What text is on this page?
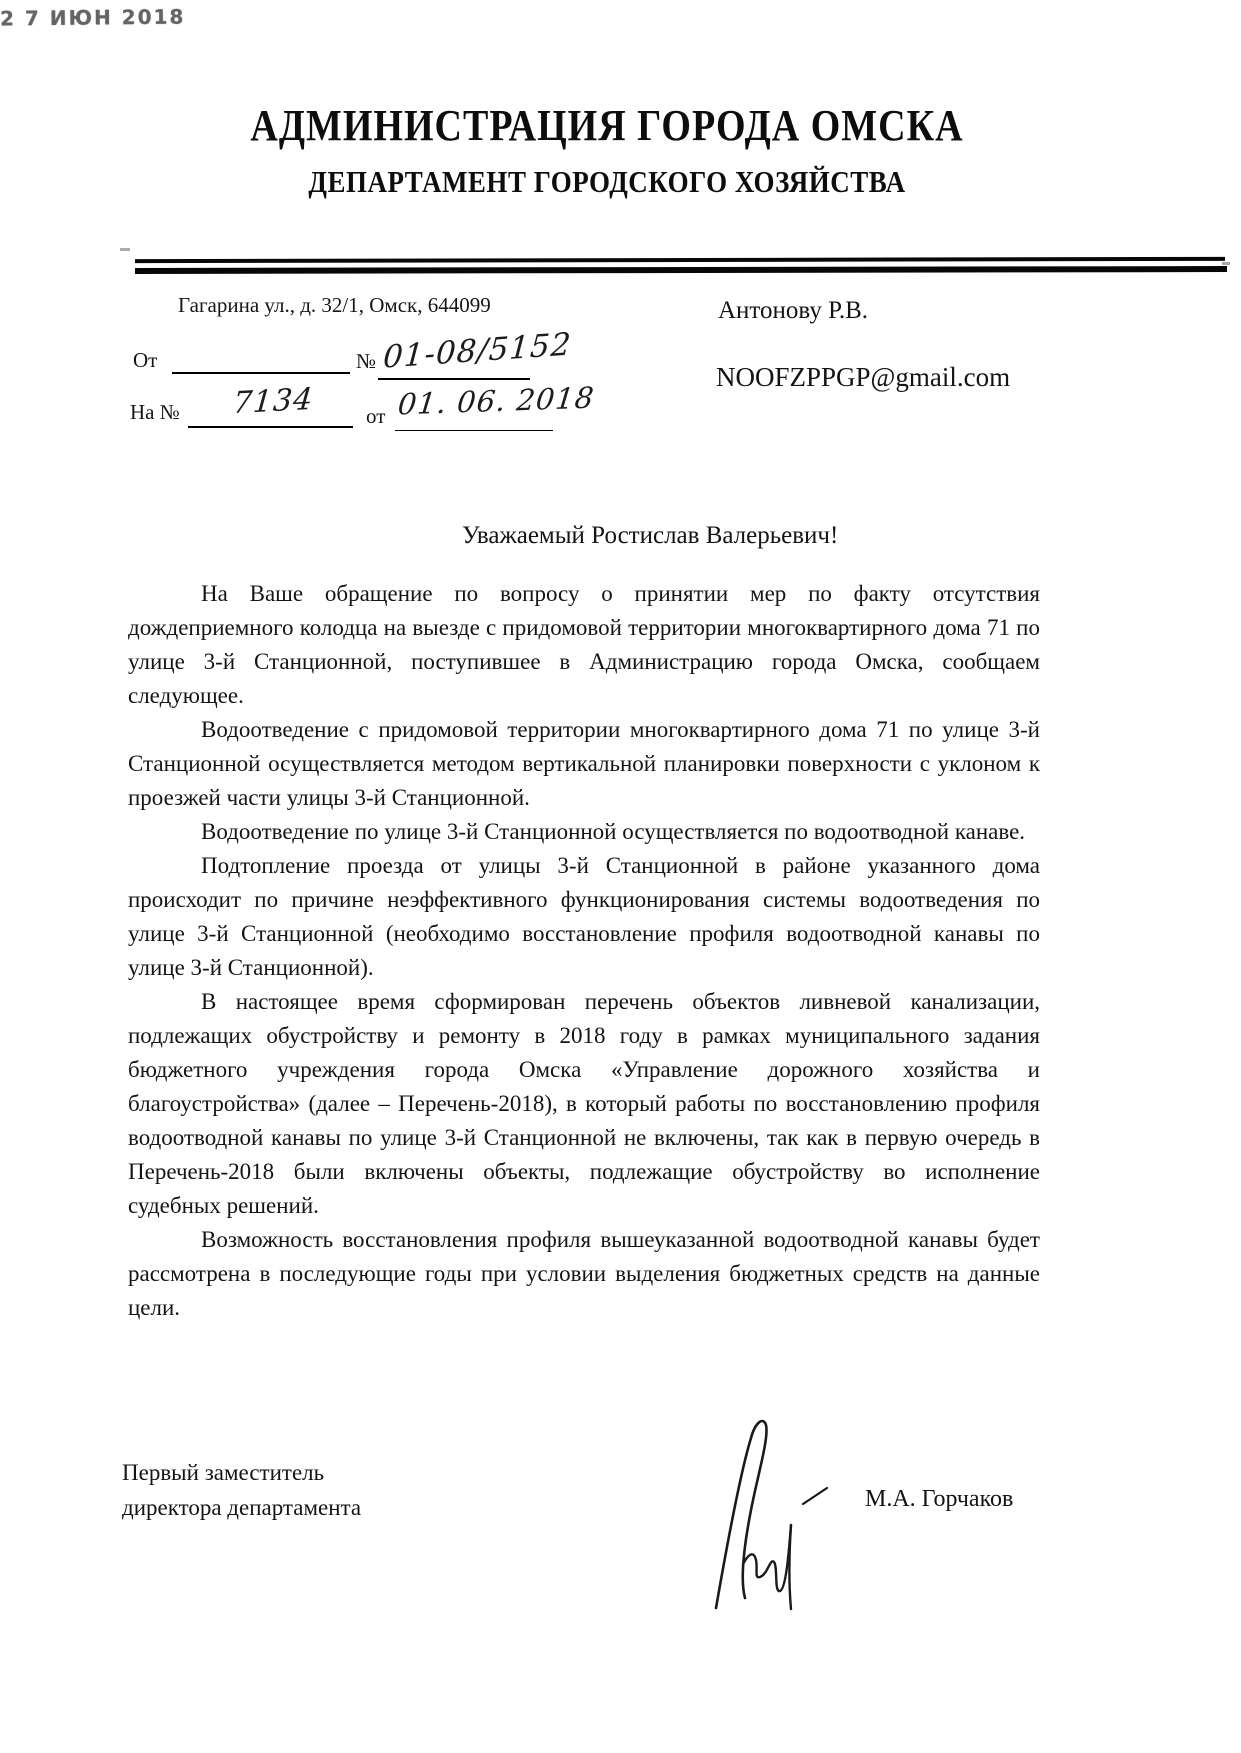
АДМИНИСТРАЦИЯ ГОРОДА ОМСКА
ДЕПАРТАМЕНТ ГОРОДСКОГО ХОЗЯЙСТВА
Гагарина ул., д. 32/1, Омск, 644099
2 7 ИЮН 2018
От	№ 01-08/5152
На № 7134 от 01. 06. 2018
Антонову Р.В.
NOOFZPPGP@gmail.com
Уважаемый Ростислав Валерьевич!

На Ваше обращение по вопросу о принятии мер по факту отсутствия дождеприемного колодца на выезде с придомовой территории многоквартирного дома 71 по улице 3-й Станционной, поступившее в Администрацию города Омска, сообщаем следующее.

Водоотведение с придомовой территории многоквартирного дома 71 по улице 3-й Станционной осуществляется методом вертикальной планировки поверхности с уклоном к проезжей части улицы 3-й Станционной.

Водоотведение по улице 3-й Станционной осуществляется по водоотводной канаве.

Подтопление проезда от улицы 3-й Станционной в районе указанного дома происходит по причине неэффективного функционирования системы водоотведения по улице 3-й Станционной (необходимо восстановление профиля водоотводной канавы по улице 3-й Станционной).

В настоящее время сформирован перечень объектов ливневой канализации, подлежащих обустройству и ремонту в 2018 году в рамках муниципального задания бюджетного учреждения города Омска «Управление дорожного хозяйства и благоустройства» (далее – Перечень-2018), в который работы по восстановлению профиля водоотводной канавы по улице 3-й Станционной не включены, так как в первую очередь в Перечень-2018 были включены объекты, подлежащие обустройству во исполнение судебных решений.

Возможность восстановления профиля вышеуказанной водоотводной канавы будет рассмотрена в последующие годы при условии выделения бюджетных средств на данные цели.

Первый заместитель
директора департамента	М.А. Горчаков
